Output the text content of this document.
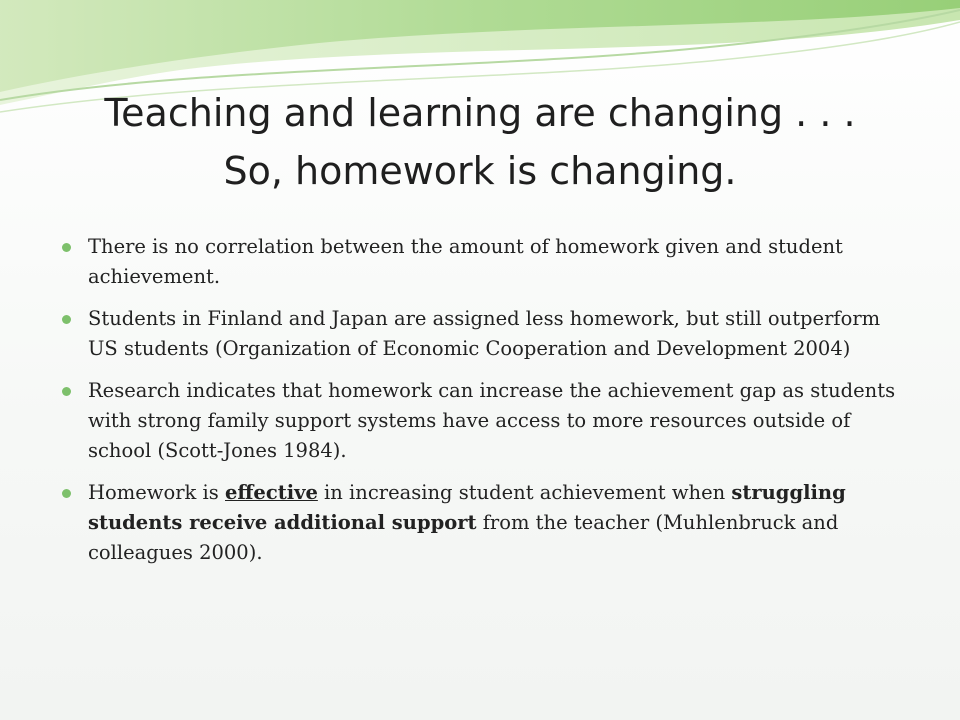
Teaching and learning are changing . . .
So, homework is changing.
There is no correlation between the amount of homework given and student achievement.
Students in Finland and Japan are assigned less homework, but still outperform US students (Organization of Economic Cooperation and Development 2004)
Research indicates that homework can increase the achievement gap as students with strong family support systems have access to more resources outside of school (Scott-Jones 1984).
Homework is effective in increasing student achievement when struggling students receive additional support from the teacher (Muhlenbruck and colleagues 2000).
